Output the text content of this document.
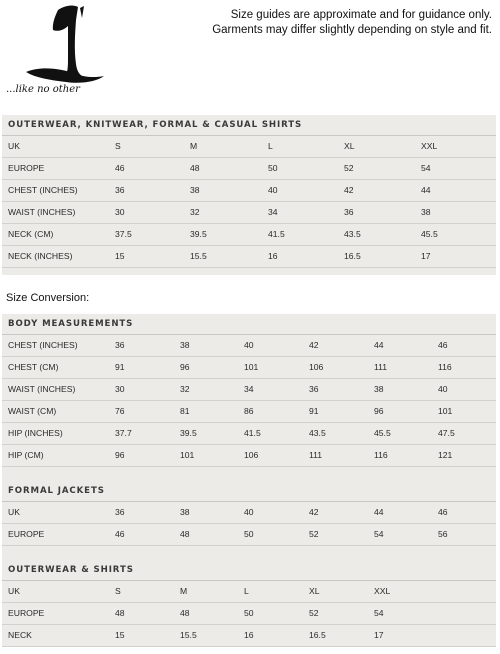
...like no other
Size guides are approximate and for guidance only.
Garments may differ slightly depending on style and fit.
OUTERWEAR, KNITWEAR, FORMAL & CASUAL SHIRTS
UK	S	M	L	XL	XXL
EUROPE	46	48	50	52	54
CHEST (INCHES)	36	38	40	42	44
WAIST (INCHES)	30	32	34	36	38
NECK (CM)	37.5	39.5	41.5	43.5	45.5
NECK (INCHES)	15	15.5	16	16.5	17
Size Conversion:
BODY MEASUREMENTS
CHEST (INCHES)	36	38	40	42	44	46
CHEST (CM)	91	96	101	106	111	116
WAIST (INCHES)	30	32	34	36	38	40
WAIST (CM)	76	81	86	91	96	101
HIP (INCHES)	37.7	39.5	41.5	43.5	45.5	47.5
HIP (CM)	96	101	106	111	116	121
FORMAL JACKETS
UK	36	38	40	42	44	46
EUROPE	46	48	50	52	54	56
OUTERWEAR & SHIRTS
UK	S	M	L	XL	XXL
EUROPE	48	48	50	52	54
NECK	15	15.5	16	16.5	17
